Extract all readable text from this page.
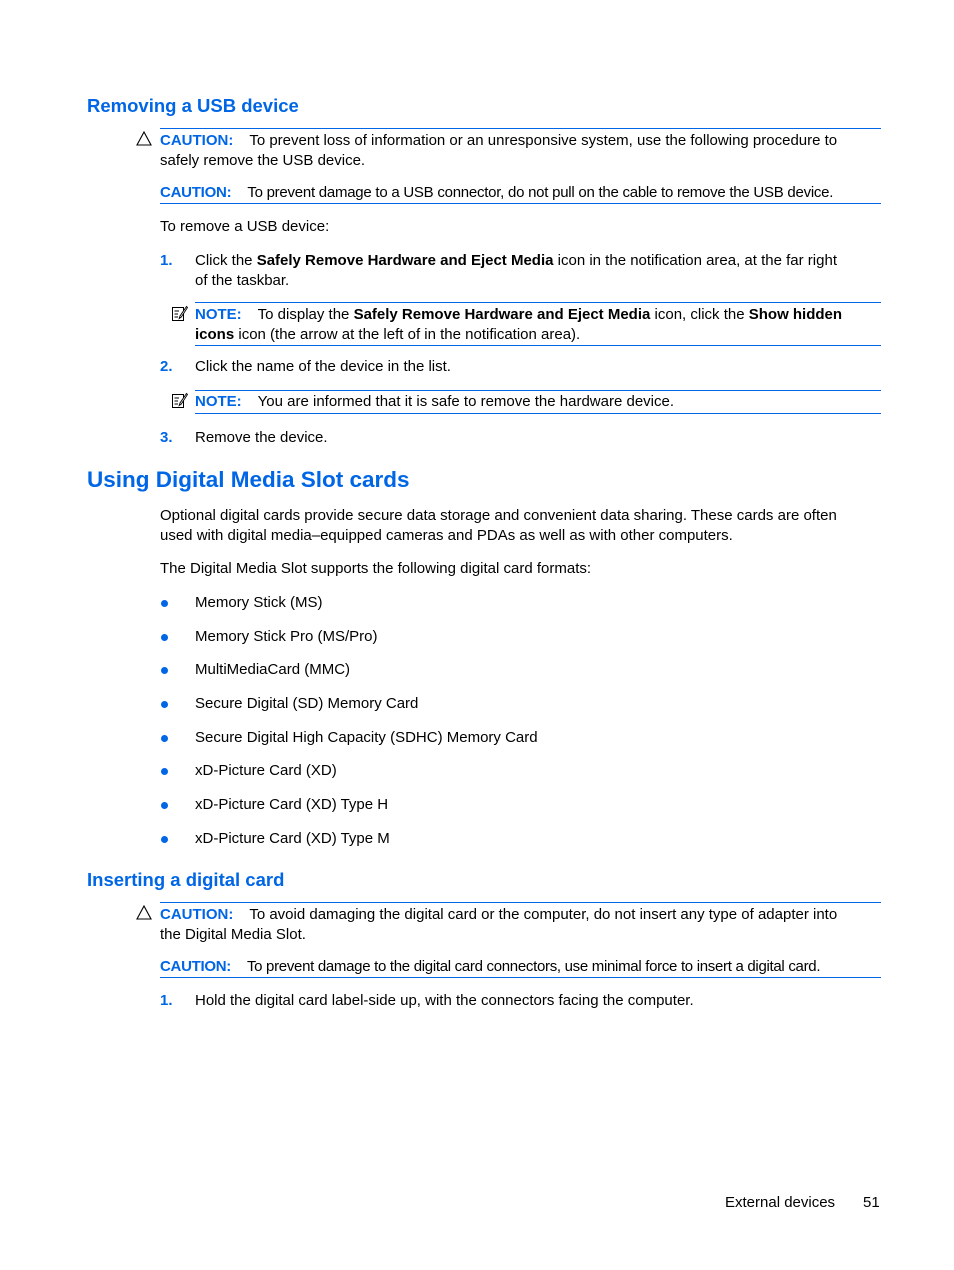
Removing a USB device
CAUTION: To prevent loss of information or an unresponsive system, use the following procedure to
safely remove the USB device.
CAUTION: To prevent damage to a USB connector, do not pull on the cable to remove the USB device.
To remove a USB device:
1. Click the Safely Remove Hardware and Eject Media icon in the notification area, at the far right
of the taskbar.
NOTE: To display the Safely Remove Hardware and Eject Media icon, click the Show hidden
icons icon (the arrow at the left of in the notification area).
2. Click the name of the device in the list.
NOTE: You are informed that it is safe to remove the hardware device.
3. Remove the device.
Using Digital Media Slot cards
Optional digital cards provide secure data storage and convenient data sharing. These cards are often
used with digital media–equipped cameras and PDAs as well as with other computers.
The Digital Media Slot supports the following digital card formats:
Memory Stick (MS)
Memory Stick Pro (MS/Pro)
MultiMediaCard (MMC)
Secure Digital (SD) Memory Card
Secure Digital High Capacity (SDHC) Memory Card
xD-Picture Card (XD)
xD-Picture Card (XD) Type H
xD-Picture Card (XD) Type M
Inserting a digital card
CAUTION: To avoid damaging the digital card or the computer, do not insert any type of adapter into
the Digital Media Slot.
CAUTION: To prevent damage to the digital card connectors, use minimal force to insert a digital card.
1. Hold the digital card label-side up, with the connectors facing the computer.
External devices 51
